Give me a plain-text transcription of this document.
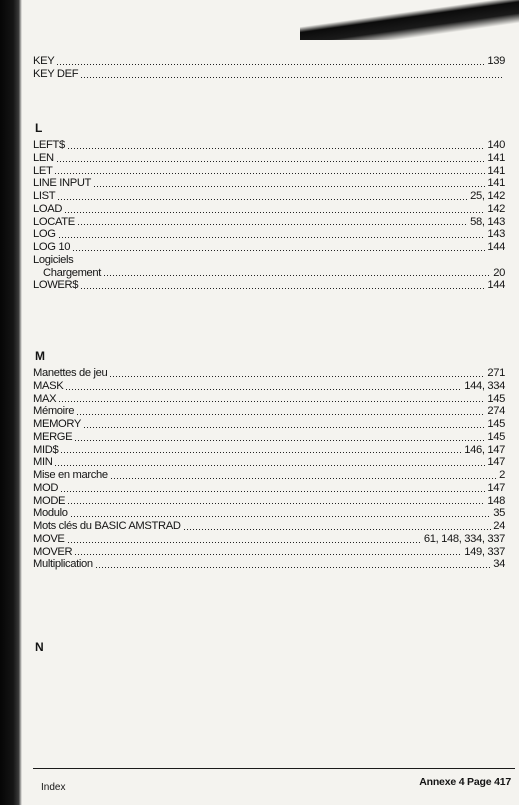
KEY	139
KEY DEF
L
LEFT$	140
LEN	141
LET	141
LINE INPUT	141
LIST	25, 142
LOAD	142
LOCATE	58, 143
LOG	143
LOG 10	144
Logiciels
Chargement	20
LOWER$	144
M
Manettes de jeu	271
MASK	144, 334
MAX	145
Mémoire	274
MEMORY	145
MERGE	145
MID$	146, 147
MIN	147
Mise en marche	2
MOD	147
MODE	148
Modulo	35
Mots clés du BASIC AMSTRAD	24
MOVE	61, 148, 334, 337
MOVER	149, 337
Multiplication	34
N
Index	Annexe 4 Page 417
